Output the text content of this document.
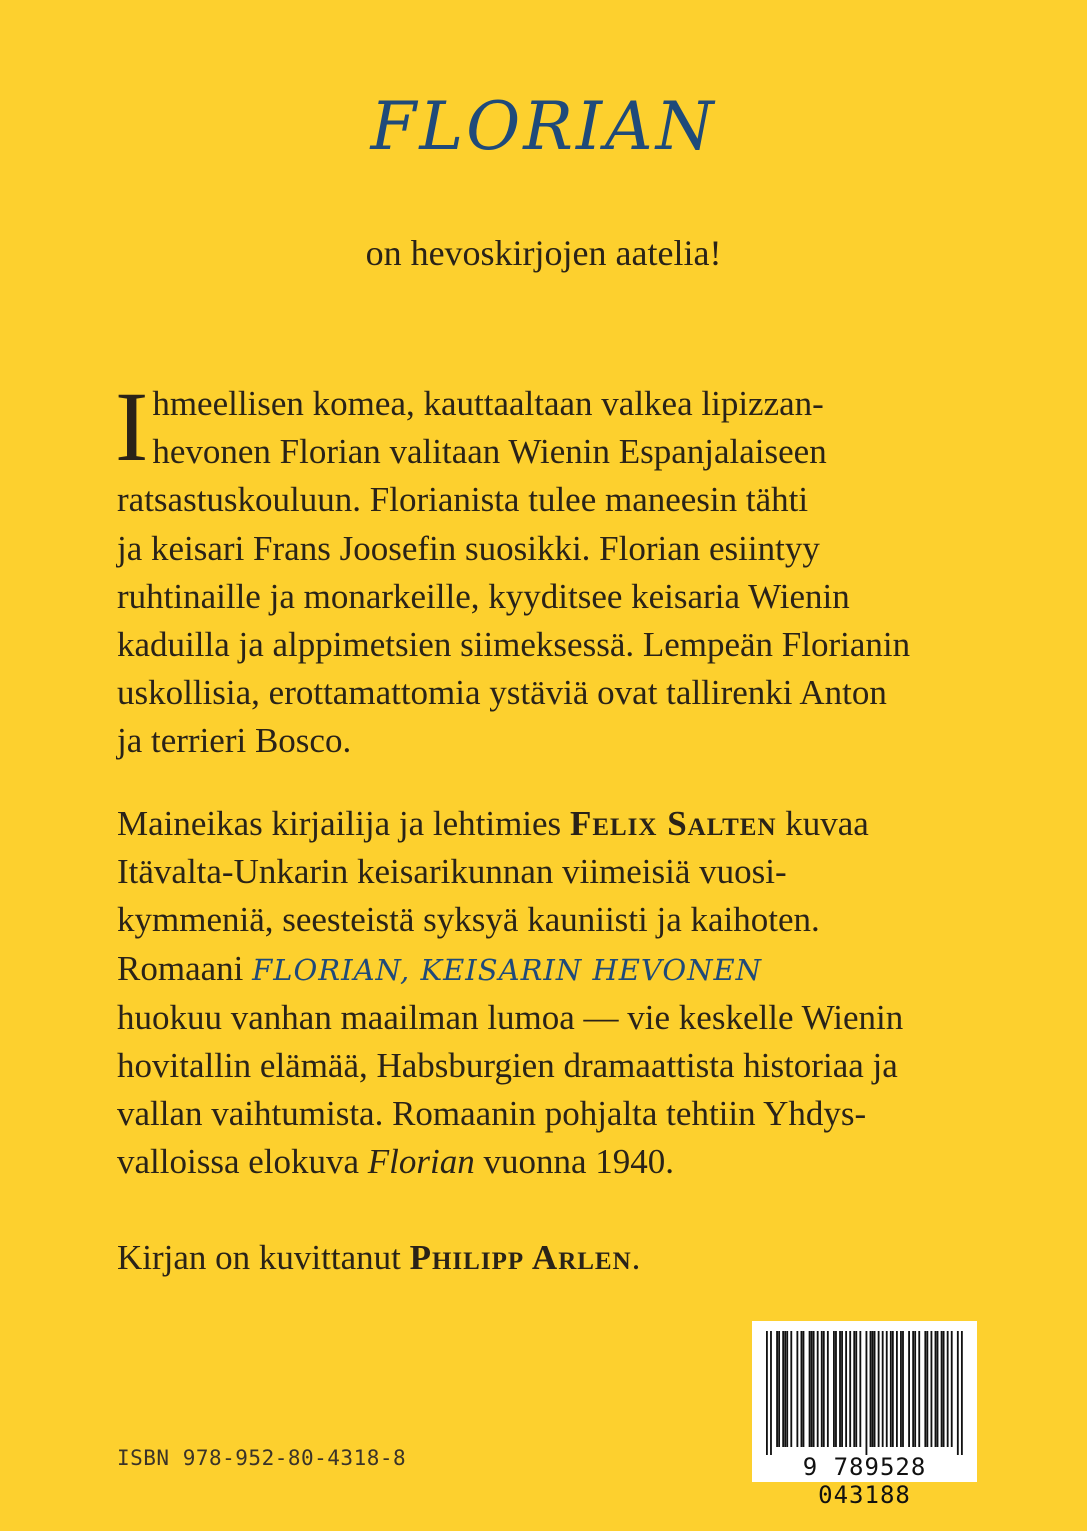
FLORIAN

on hevoskirjojen aatelia!

I hmeellisen komea, kauttaaltaan valkea lipizzan-
hevonen Florian valitaan Wienin Espanjalaiseen
ratsastuskouluun. Florianista tulee maneesin tähti
ja keisari Frans Joosefin suosikki. Florian esiintyy
ruhtinaille ja monarkeille, kyyditsee keisaria Wienin
kaduilla ja alppimetsien siimeksessä. Lempeän Florianin
uskollisia, erottamattomia ystäviä ovat tallirenki Anton
ja terrieri Bosco.
Maineikas kirjailija ja lehtimies Felix Salten kuvaa
Itävalta-Unkarin keisarikunnan viimeisiä vuosi-
kymmeniä, seesteistä syksyä kauniisti ja kaihoten.
Romaani FLORIAN, KEISARIN HEVONEN
huokuu vanhan maailman lumoa — vie keskelle Wienin
hovitallin elämää, Habsburgien dramaattista historiaa ja
vallan vaihtumista. Romaanin pohjalta tehtiin Yhdys-
valloissa elokuva Florian vuonna 1940.
Kirjan on kuvittanut Philipp Arlen.
ISBN 978-952-80-4318-8	9 789528 043188
